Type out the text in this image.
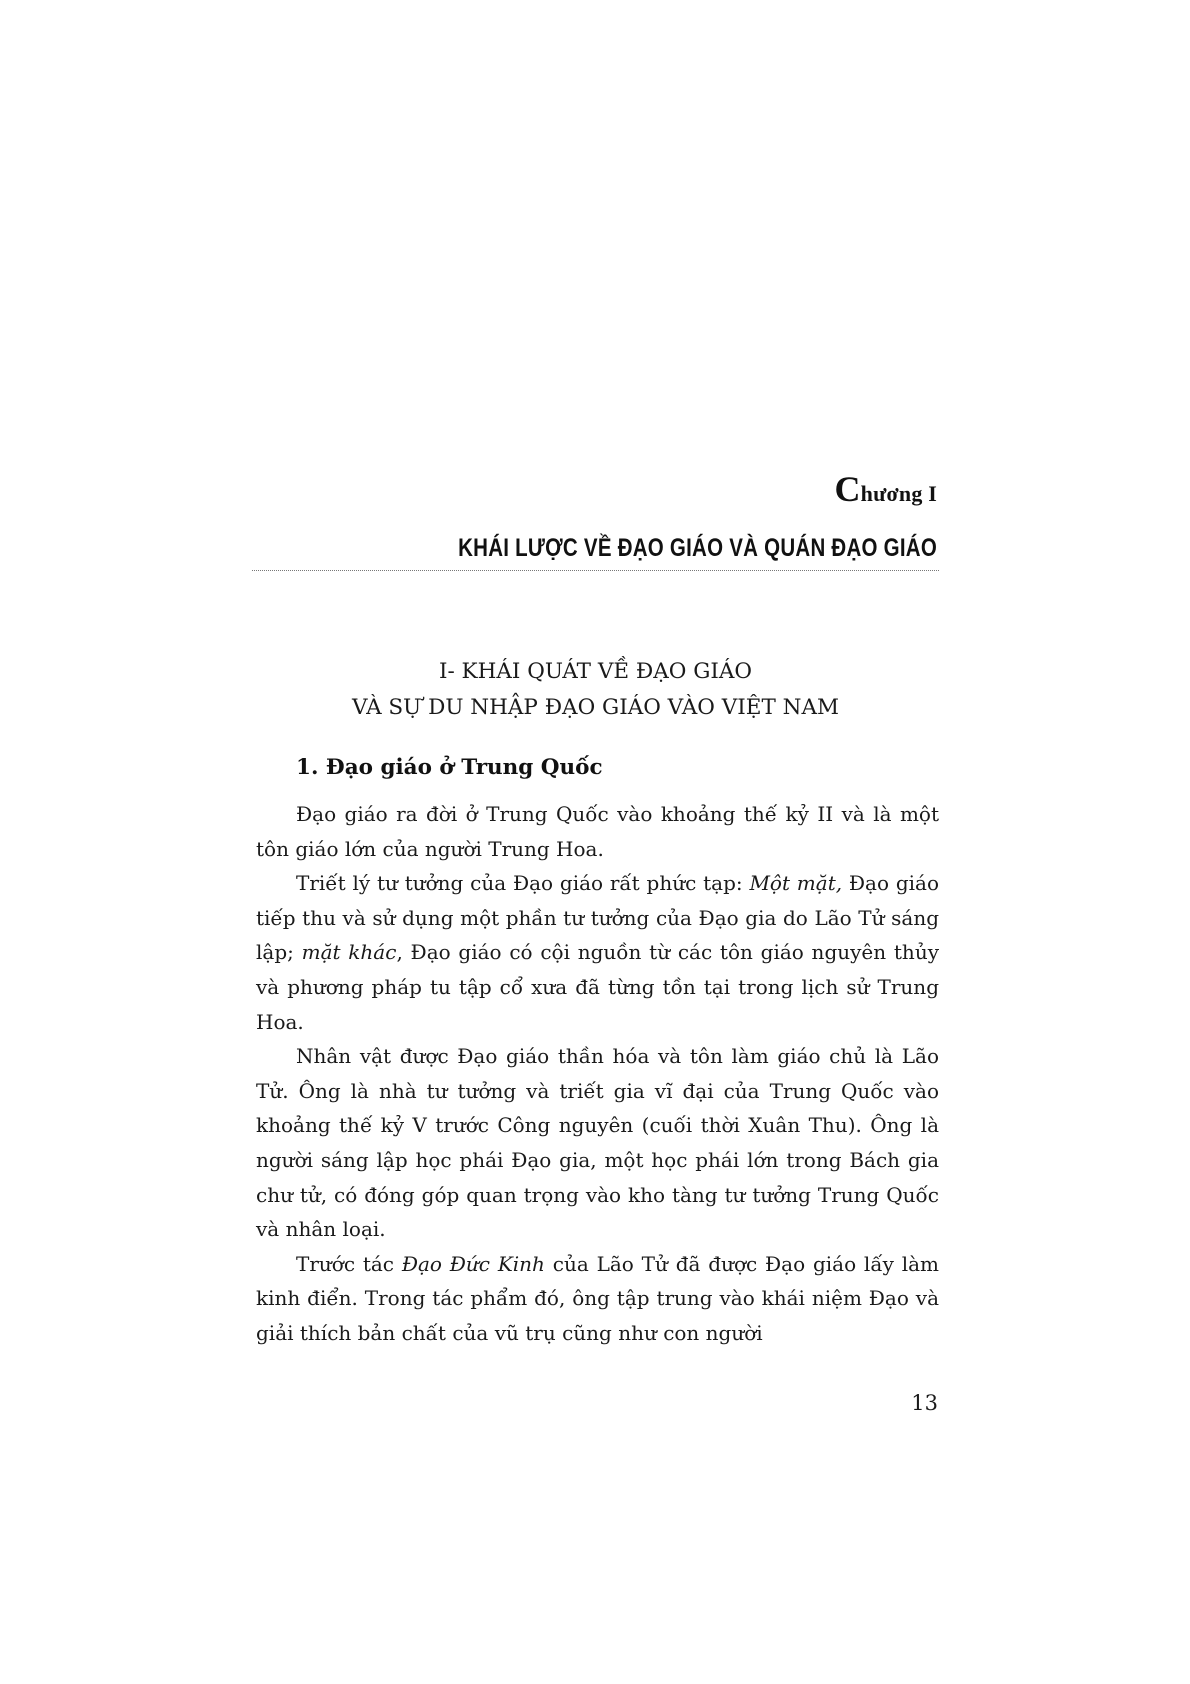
Chương I
KHÁI LƯỢC VỀ ĐẠO GIÁO VÀ QUÁN ĐẠO GIÁO
I- KHÁI QUÁT VỀ ĐẠO GIÁO
VÀ SỰ DU NHẬP ĐẠO GIÁO VÀO VIỆT NAM
1. Đạo giáo ở Trung Quốc

Đạo giáo ra đời ở Trung Quốc vào khoảng thế kỷ II và là một tôn giáo lớn của người Trung Hoa.

Triết lý tư tưởng của Đạo giáo rất phức tạp: Một mặt, Đạo giáo tiếp thu và sử dụng một phần tư tưởng của Đạo gia do Lão Tử sáng lập; mặt khác, Đạo giáo có cội nguồn từ các tôn giáo nguyên thủy và phương pháp tu tập cổ xưa đã từng tồn tại trong lịch sử Trung Hoa.

Nhân vật được Đạo giáo thần hóa và tôn làm giáo chủ là Lão Tử. Ông là nhà tư tưởng và triết gia vĩ đại của Trung Quốc vào khoảng thế kỷ V trước Công nguyên (cuối thời Xuân Thu). Ông là người sáng lập học phái Đạo gia, một học phái lớn trong Bách gia chư tử, có đóng góp quan trọng vào kho tàng tư tưởng Trung Quốc và nhân loại.

Trước tác Đạo Đức Kinh của Lão Tử đã được Đạo giáo lấy làm kinh điển. Trong tác phẩm đó, ông tập trung vào khái niệm Đạo và giải thích bản chất của vũ trụ cũng như con người

13
